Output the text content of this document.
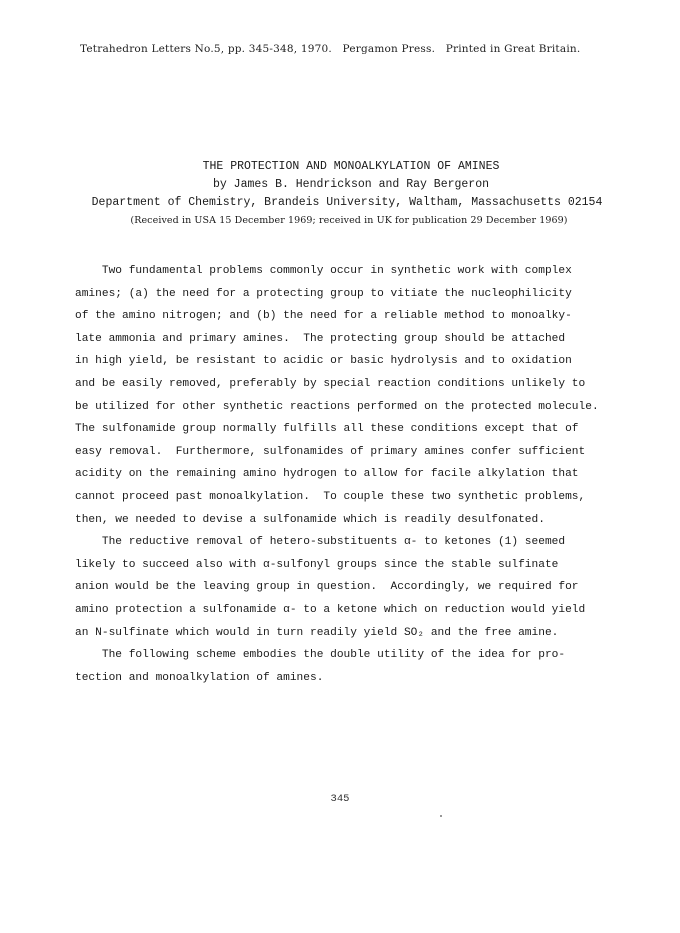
Tetrahedron Letters No.5, pp. 345-348, 1970.   Pergamon Press.   Printed in Great Britain.
THE PROTECTION AND MONOALKYLATION OF AMINES
by James B. Hendrickson and Ray Bergeron
Department of Chemistry, Brandeis University, Waltham, Massachusetts 02154
(Received in USA 15 December 1969; received in UK for publication 29 December 1969)
Two fundamental problems commonly occur in synthetic work with complex
amines; (a) the need for a protecting group to vitiate the nucleophilicity
of the amino nitrogen; and (b) the need for a reliable method to monoalky-
late ammonia and primary amines.  The protecting group should be attached
in high yield, be resistant to acidic or basic hydrolysis and to oxidation
and be easily removed, preferably by special reaction conditions unlikely to
be utilized for other synthetic reactions performed on the protected molecule.
The sulfonamide group normally fulfills all these conditions except that of
easy removal.  Furthermore, sulfonamides of primary amines confer sufficient
acidity on the remaining amino hydrogen to allow for facile alkylation that
cannot proceed past monoalkylation.  To couple these two synthetic problems,
then, we needed to devise a sulfonamide which is readily desulfonated.
The reductive removal of hetero-substituents α- to ketones (1) seemed
likely to succeed also with α-sulfonyl groups since the stable sulfinate
anion would be the leaving group in question.  Accordingly, we required for
amino protection a sulfonamide α- to a ketone which on reduction would yield
an N-sulfinate which would in turn readily yield SO₂ and the free amine.
The following scheme embodies the double utility of the idea for pro-
tection and monoalkylation of amines.
345
